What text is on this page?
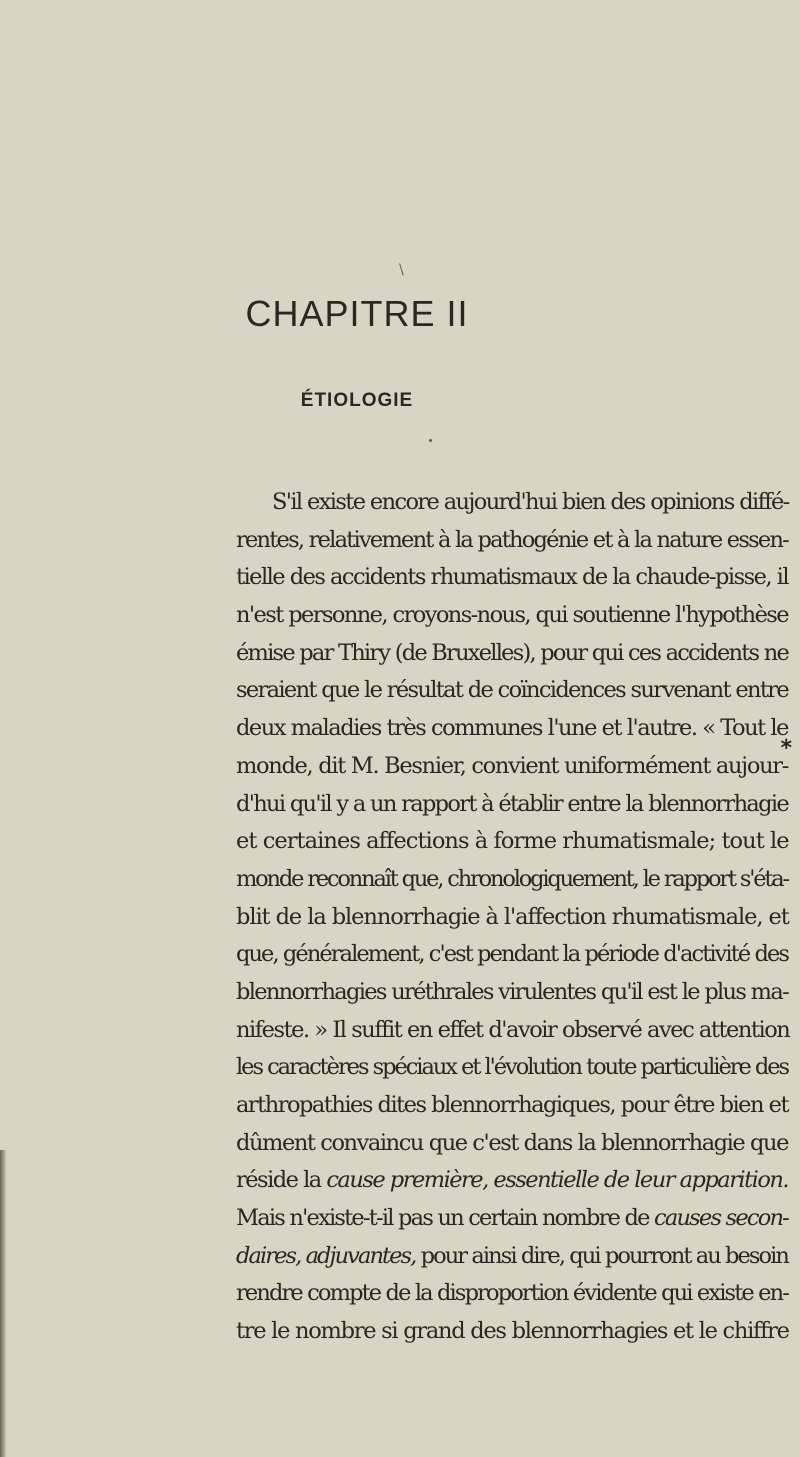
\
CHAPITRE II
ÉTIOLOGIE
S'il existe encore aujourd'hui bien des opinions diffé-
rentes, relativement à la pathogénie et à la nature essen-
tielle des accidents rhumatismaux de la chaude-pisse, il
n'est personne, croyons-nous, qui soutienne l'hypothèse
émise par Thiry (de Bruxelles), pour qui ces accidents ne
seraient que le résultat de coïncidences survenant entre
deux maladies très communes l'une et l'autre. « Tout le
monde, dit M. Besnier, convient uniformément aujour-
d'hui qu'il y a un rapport à établir entre la blennorrhagie
et certaines affections à forme rhumatismale; tout le
monde reconnaît que, chronologiquement, le rapport s'éta-
blit de la blennorrhagie à l'affection rhumatismale, et
que, généralement, c'est pendant la période d'activité des
blennorrhagies uréthrales virulentes qu'il est le plus ma-
nifeste. » Il suffit en effet d'avoir observé avec attention
les caractères spéciaux et l'évolution toute particulière des
arthropathies dites blennorrhagiques, pour être bien et
dûment convaincu que c'est dans la blennorrhagie que
réside la cause première, essentielle de leur apparition.
Mais n'existe-t-il pas un certain nombre de causes secon-
daires, adjuvantes, pour ainsi dire, qui pourront au besoin
rendre compte de la disproportion évidente qui existe en-
tre le nombre si grand des blennorrhagies et le chiffre
*
